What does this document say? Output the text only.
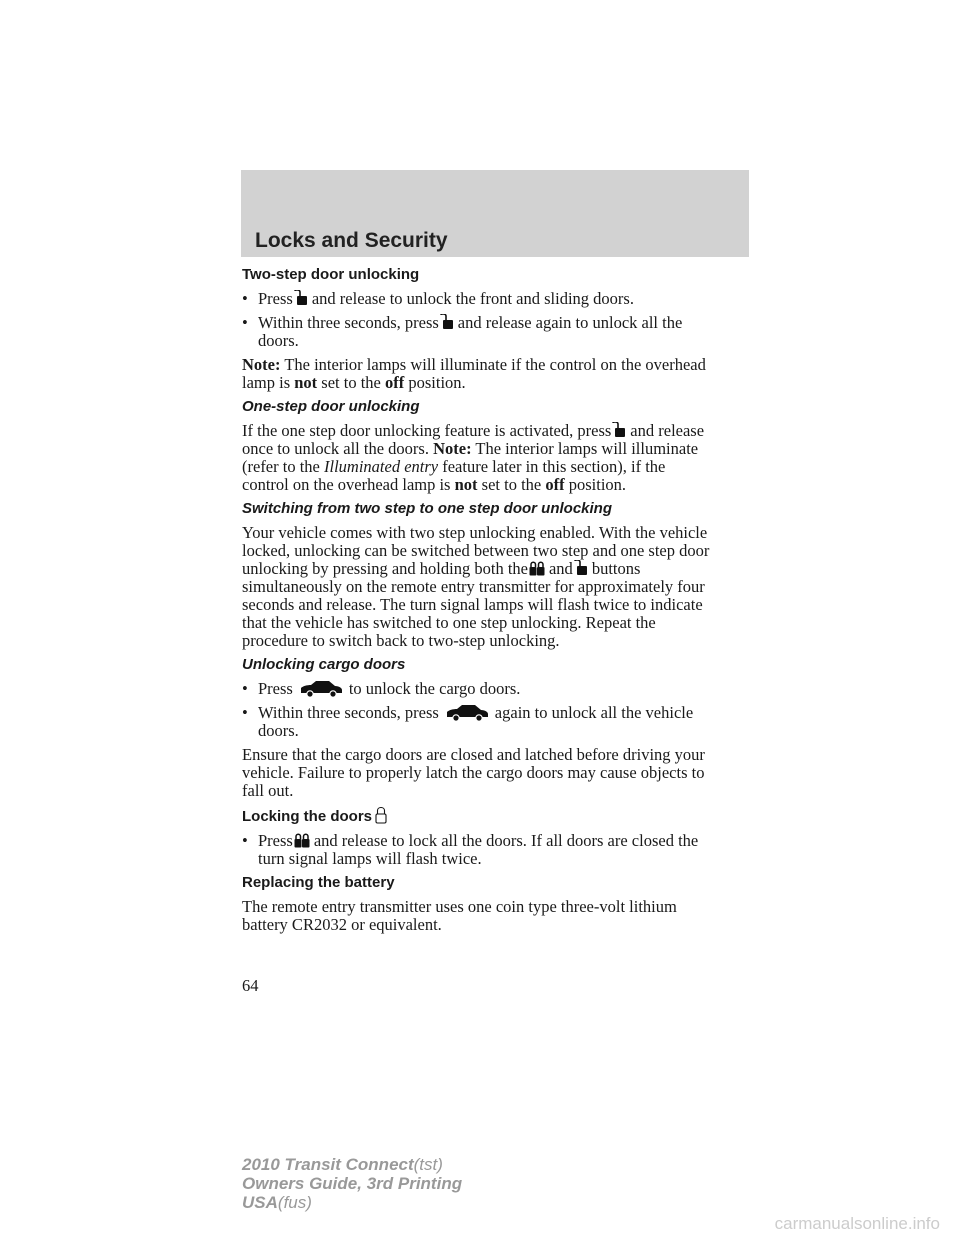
Locks and Security
Two-step door unlocking
• Press and release to unlock the front and sliding doors.
• Within three seconds, press and release again to unlock all the
doors.
Note: The interior lamps will illuminate if the control on the overhead
lamp is not set to the off position.
One-step door unlocking
If the one step door unlocking feature is activated, press and release
once to unlock all the doors. Note: The interior lamps will illuminate
(refer to the Illuminated entry feature later in this section), if the
control on the overhead lamp is not set to the off position.
Switching from two step to one step door unlocking
Your vehicle comes with two step unlocking enabled. With the vehicle
locked, unlocking can be switched between two step and one step door
unlocking by pressing and holding both the and buttons
simultaneously on the remote entry transmitter for approximately four
seconds and release. The turn signal lamps will flash twice to indicate
that the vehicle has switched to one step unlocking. Repeat the
procedure to switch back to two-step unlocking.
Unlocking cargo doors
• Press	to unlock the cargo doors.
• Within three seconds, press	again to unlock all the vehicle
doors.
Ensure that the cargo doors are closed and latched before driving your
vehicle. Failure to properly latch the cargo doors may cause objects to
fall out.
Locking the doors
• Press and release to lock all the doors. If all doors are closed the
turn signal lamps will flash twice.
Replacing the battery
The remote entry transmitter uses one coin type three-volt lithium
battery CR2032 or equivalent.
64
2010 Transit Connect(tst)
Owners Guide, 3rd Printing
USA(fus)
carmanualsonline.info
